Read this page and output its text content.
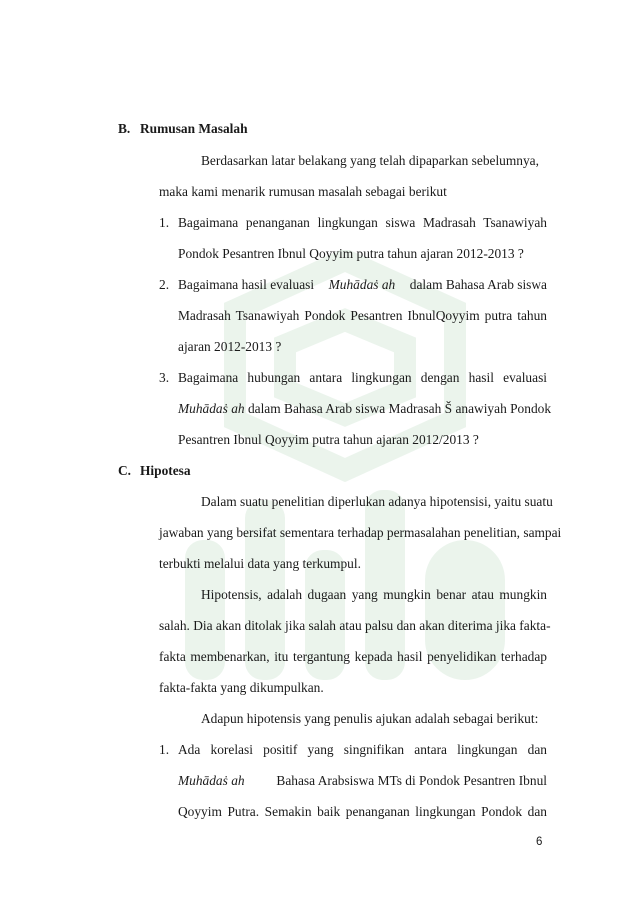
B. Rumusan Masalah
Berdasarkan latar belakang yang telah dipaparkan sebelumnya,
maka kami menarik rumusan masalah sebagai berikut
1. Bagaimana penanganan lingkungan siswa Madrasah Tsanawiyah
Pondok Pesantren Ibnul Qoyyim putra tahun ajaran 2012-2013 ?
2. Bagaimana hasil evaluasi Muhādaṡ ah dalam Bahasa Arab siswa
Madrasah Tsanawiyah Pondok Pesantren IbnulQoyyim putra tahun
ajaran 2012-2013 ?
3. Bagaimana hubungan antara lingkungan dengan hasil evaluasi
Muhādaṡ ah dalam Bahasa Arab siswa Madrasah Š anawiyah Pondok
Pesantren Ibnul Qoyyim putra tahun ajaran 2012/2013 ?
C. Hipotesa
Dalam suatu penelitian diperlukan adanya hipotensisi, yaitu suatu
jawaban yang bersifat sementara terhadap permasalahan penelitian, sampai
terbukti melalui data yang terkumpul.
Hipotensis, adalah dugaan yang mungkin benar atau mungkin
salah. Dia akan ditolak jika salah atau palsu dan akan diterima jika fakta-
fakta membenarkan, itu tergantung kepada hasil penyelidikan terhadap
fakta-fakta yang dikumpulkan.
Adapun hipotensis yang penulis ajukan adalah sebagai berikut:
1. Ada korelasi positif yang singnifikan antara lingkungan dan
Muhādaṡ ah Bahasa Arabsiswa MTs di Pondok Pesantren Ibnul
Qoyyim Putra. Semakin baik penanganan lingkungan Pondok dan
6
